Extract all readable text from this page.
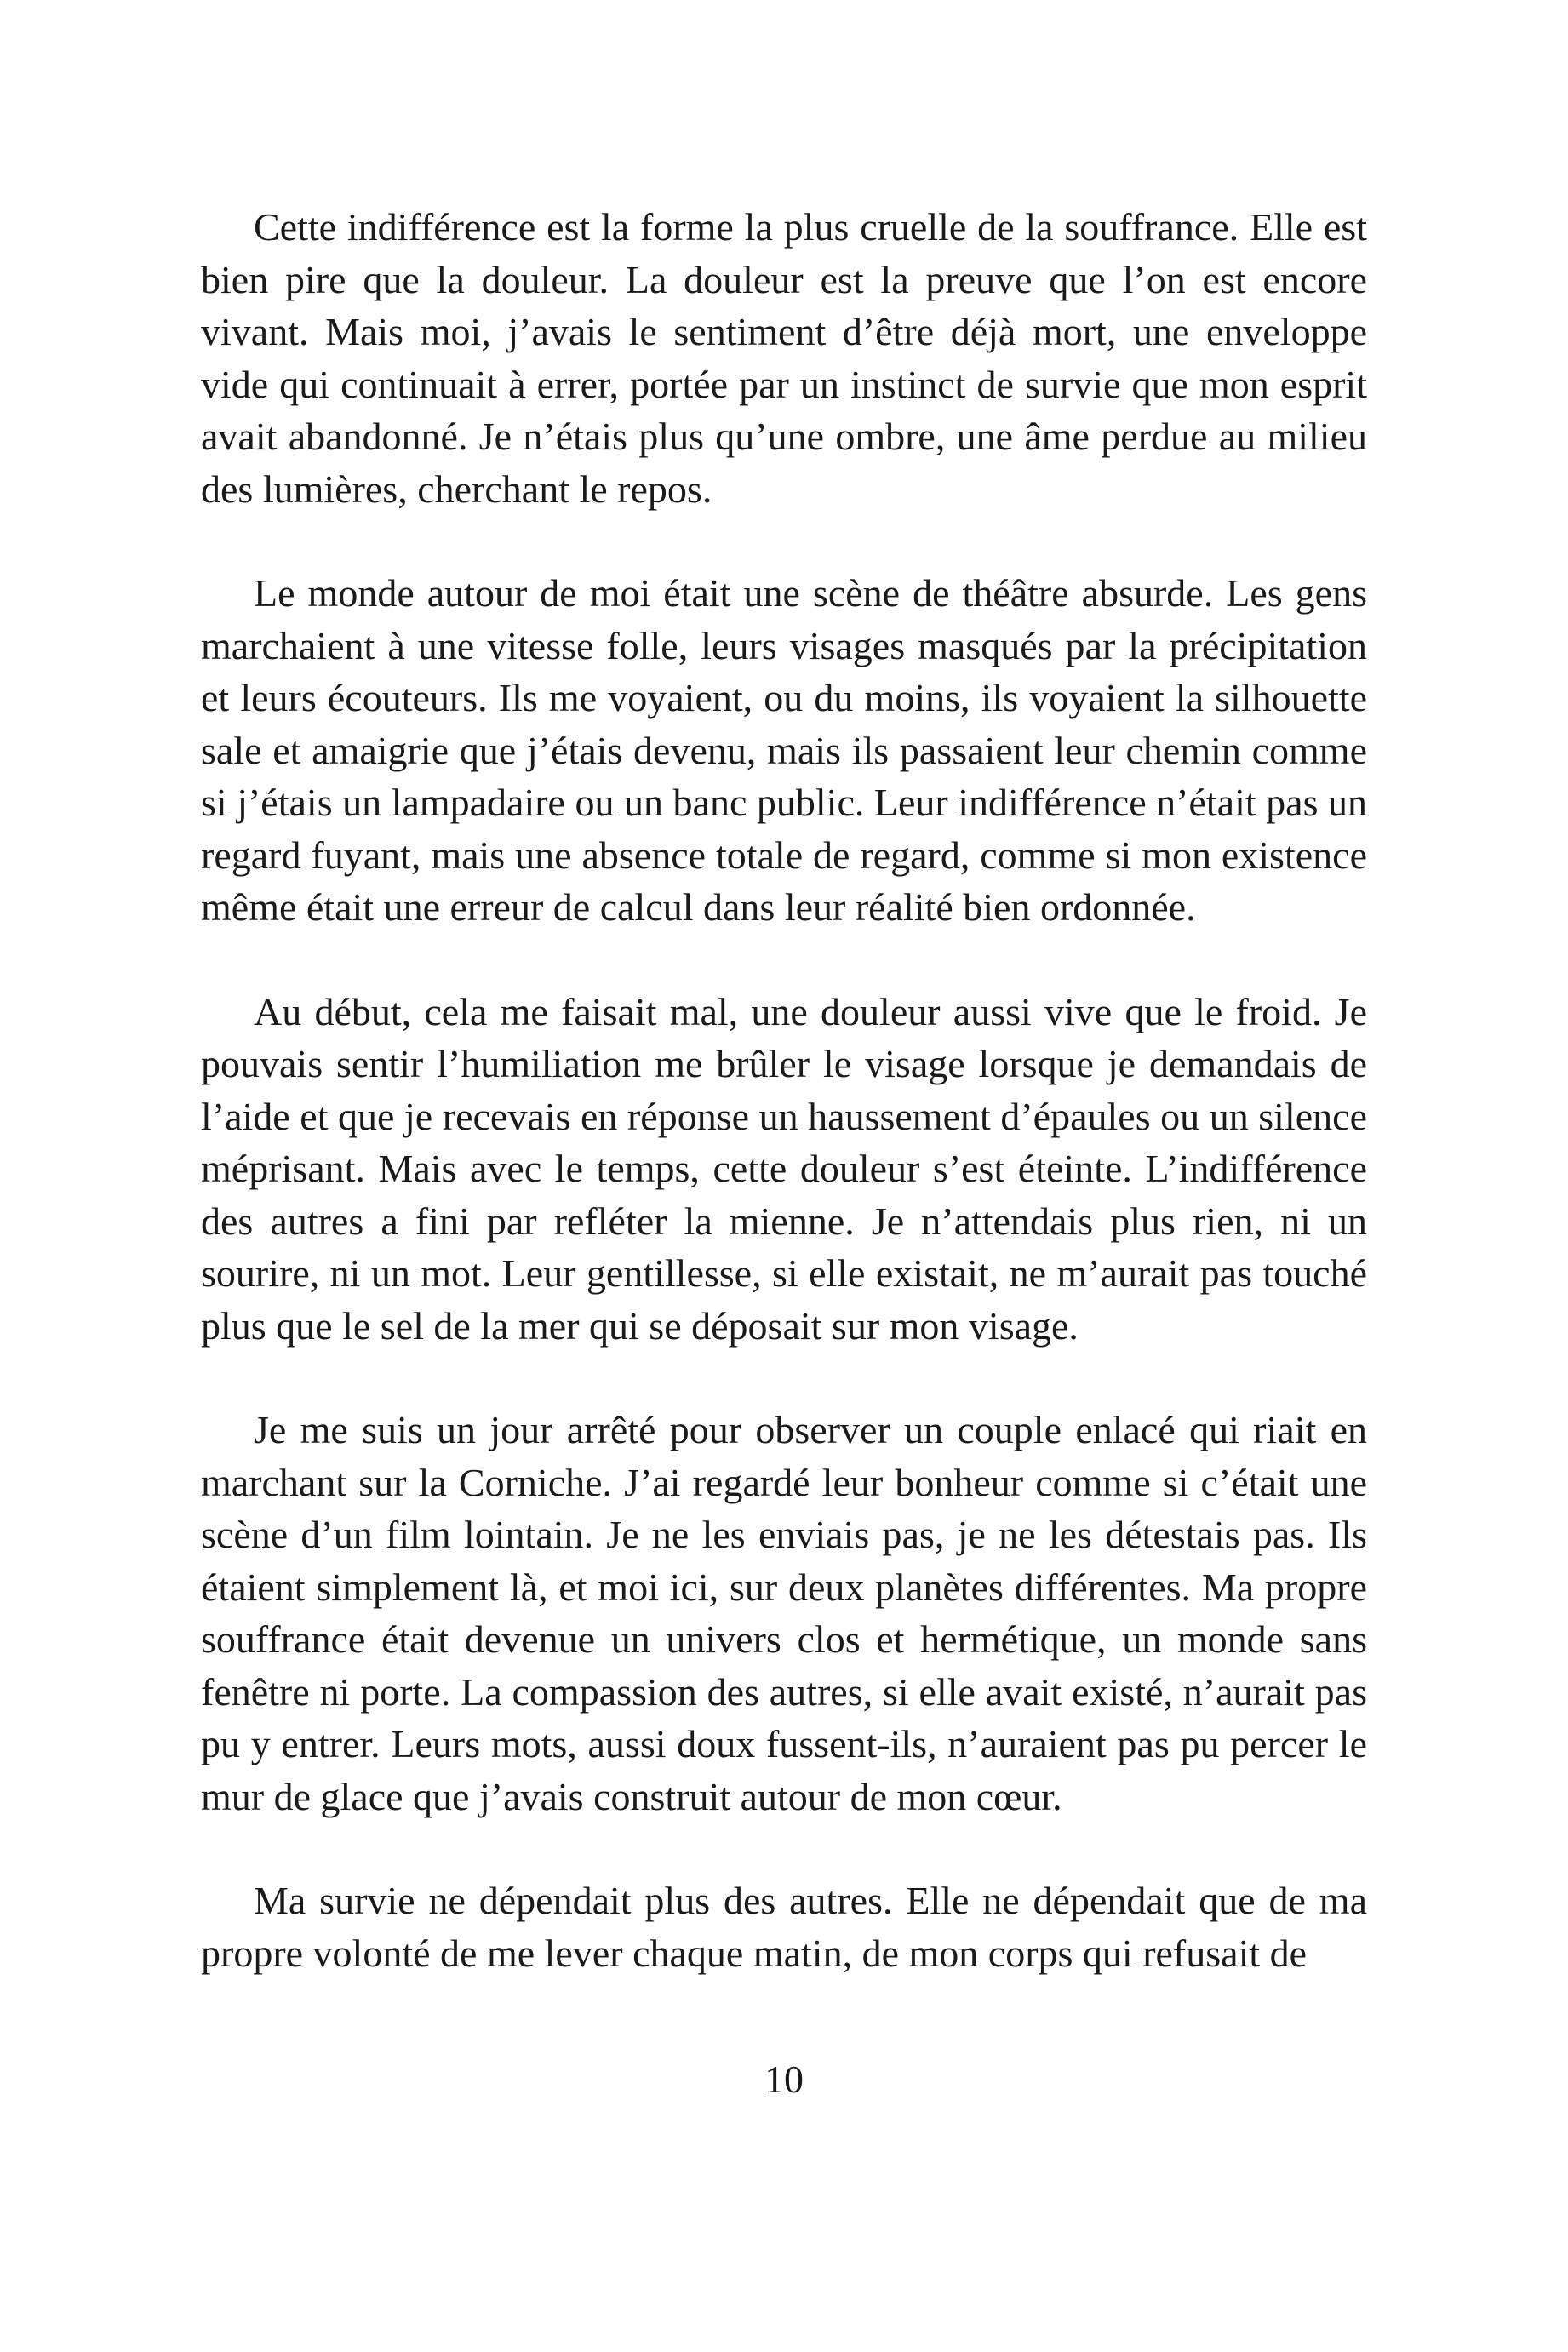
Cette indifférence est la forme la plus cruelle de la souffrance. Elle est bien pire que la douleur. La douleur est la preuve que l’on est encore vivant. Mais moi, j’avais le sentiment d’être déjà mort, une enveloppe vide qui continuait à errer, portée par un instinct de survie que mon esprit avait abandonné. Je n’étais plus qu’une ombre, une âme perdue au milieu des lumières, cherchant le repos.

Le monde autour de moi était une scène de théâtre absurde. Les gens marchaient à une vitesse folle, leurs visages masqués par la précipitation et leurs écouteurs. Ils me voyaient, ou du moins, ils voyaient la silhouette sale et amaigrie que j’étais devenu, mais ils passaient leur chemin comme si j’étais un lampadaire ou un banc public. Leur indifférence n’était pas un regard fuyant, mais une absence totale de regard, comme si mon existence même était une erreur de calcul dans leur réalité bien ordonnée.

Au début, cela me faisait mal, une douleur aussi vive que le froid. Je pouvais sentir l’humiliation me brûler le visage lorsque je demandais de l’aide et que je recevais en réponse un haussement d’épaules ou un silence méprisant. Mais avec le temps, cette douleur s’est éteinte. L’indifférence des autres a fini par refléter la mienne. Je n’attendais plus rien, ni un sourire, ni un mot. Leur gentillesse, si elle existait, ne m’aurait pas touché plus que le sel de la mer qui se déposait sur mon visage.

Je me suis un jour arrêté pour observer un couple enlacé qui riait en marchant sur la Corniche. J’ai regardé leur bonheur comme si c’était une scène d’un film lointain. Je ne les enviais pas, je ne les détestais pas. Ils étaient simplement là, et moi ici, sur deux planètes différentes. Ma propre souffrance était devenue un univers clos et hermétique, un monde sans fenêtre ni porte. La compassion des autres, si elle avait existé, n’aurait pas pu y entrer. Leurs mots, aussi doux fussent-ils, n’auraient pas pu percer le mur de glace que j’avais construit autour de mon cœur.

Ma survie ne dépendait plus des autres. Elle ne dépendait que de ma propre volonté de me lever chaque matin, de mon corps qui refusait de

10
